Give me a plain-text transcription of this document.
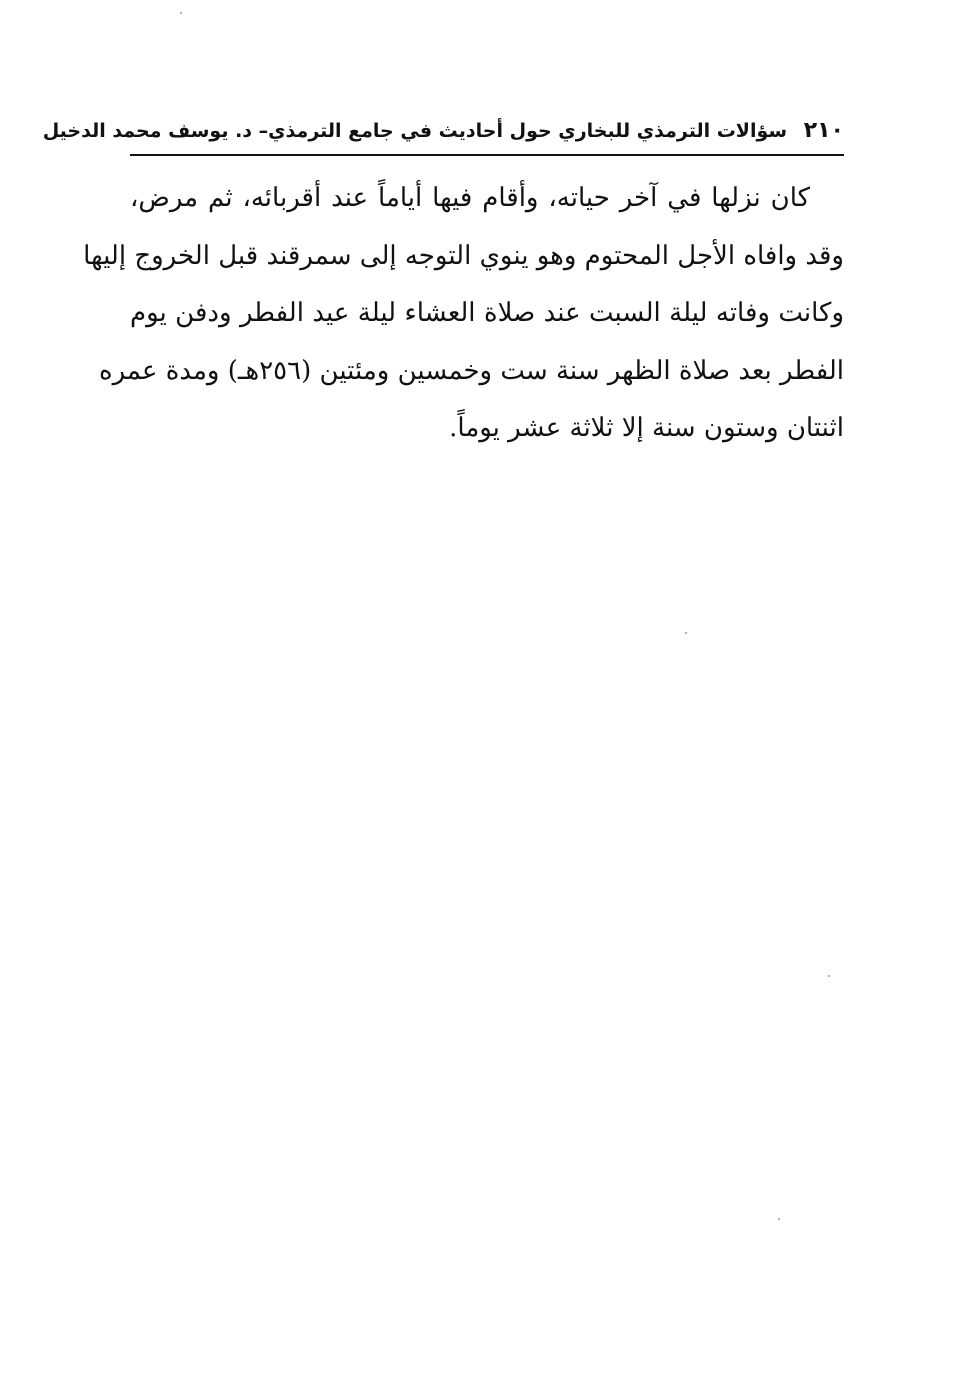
٢١٠ سؤالات الترمذي للبخاري حول أحاديث في جامع الترمذي– د. يوسف محمد الدخيل
كان نزلها في آخر حياته، وأقام فيها أياماً عند أقربائه، ثم مرض،
وقد وافاه الأجل المحتوم وهو ينوي التوجه إلى سمرقند قبل الخروج إليها
وكانت وفاته ليلة السبت عند صلاة العشاء ليلة عيد الفطر ودفن يوم
الفطر بعد صلاة الظهر سنة ست وخمسين ومئتين (٢٥٦هـ) ومدة عمره
اثنتان وستون سنة إلا ثلاثة عشر يوماً.
